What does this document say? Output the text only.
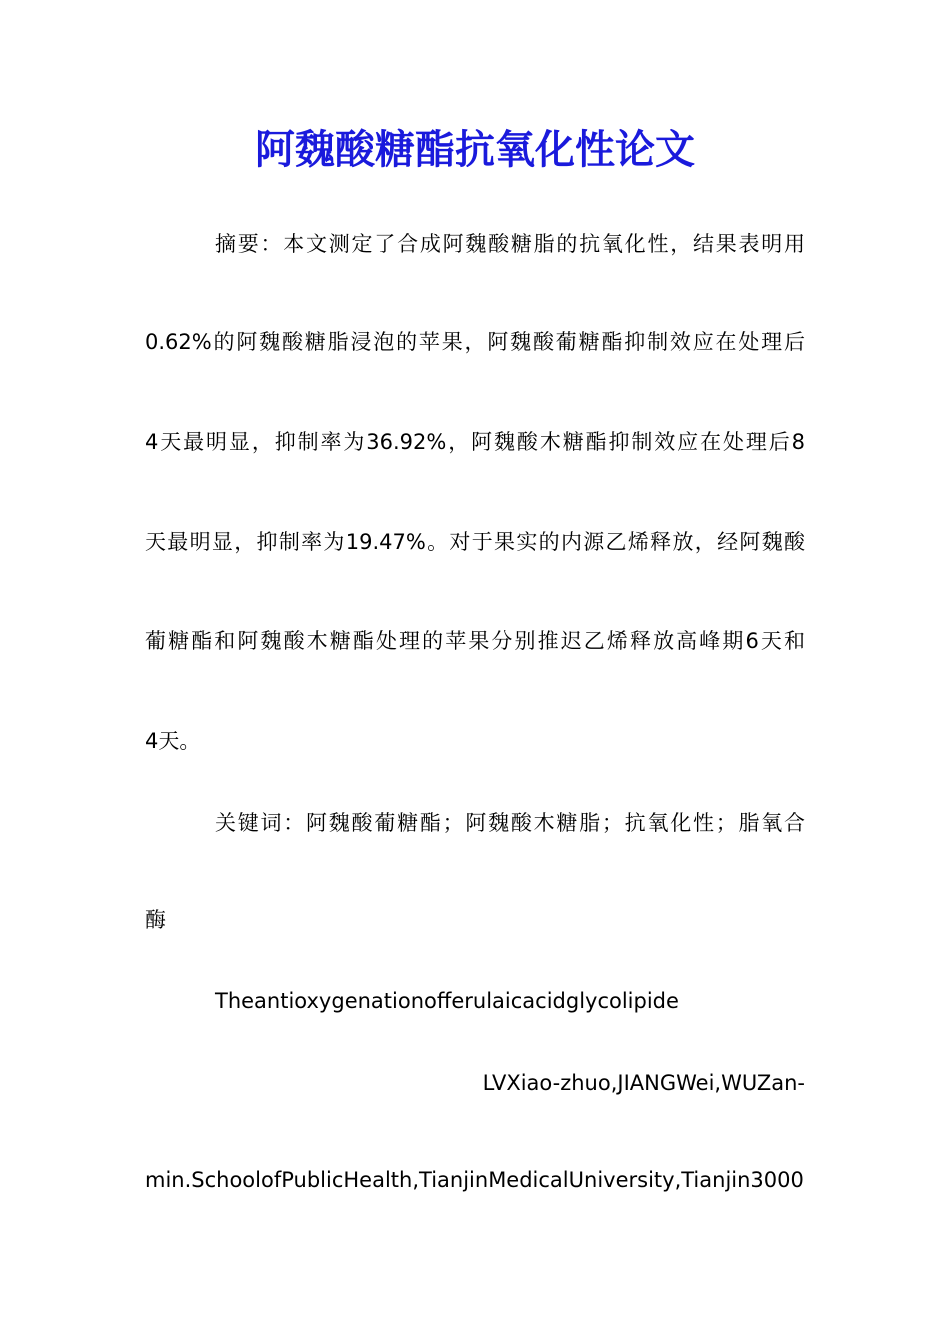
阿魏酸糖酯抗氧化性论文

摘要：本文测定了合成阿魏酸糖脂的抗氧化性，结果表明用

0.62%的阿魏酸糖脂浸泡的苹果，阿魏酸葡糖酯抑制效应在处理后

4天最明显，抑制率为36.92%，阿魏酸木糖酯抑制效应在处理后8

天最明显，抑制率为19.47%。对于果实的内源乙烯释放，经阿魏酸

葡糖酯和阿魏酸木糖酯处理的苹果分别推迟乙烯释放高峰期6天和

4天。

关键词：阿魏酸葡糖酯；阿魏酸木糖脂；抗氧化性；脂氧合

酶

Theantioxygenationofferulaicacidglycolipide

LVXiao-zhuo,JIANGWei,WUZan-

min.SchoolofPublicHealth,TianjinMedicalUniversity,Tianjin3000
